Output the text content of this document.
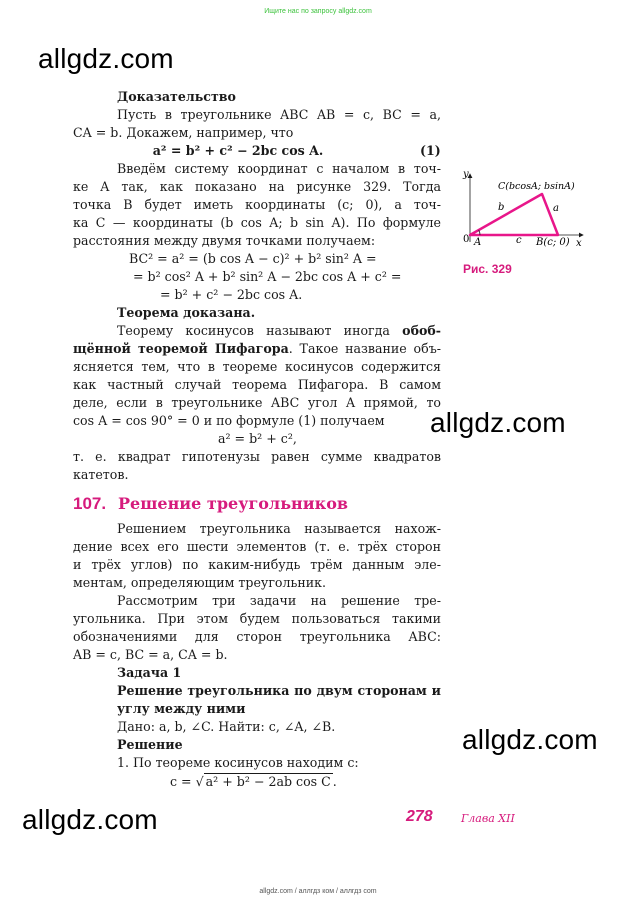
Ищите нас по запросу allgdz.com
allgdz.com
allgdz.com
allgdz.com
allgdz.com
Доказательство
Пусть в треугольнике ABC AB = c, BC = a,
CA = b. Докажем, например, что
a² = b² + c² − 2bc cos A.	(1)
Введём систему координат с началом в точ-
ке A так, как показано на рисунке 329. Тогда
точка B будет иметь координаты (c; 0), а точ-
ка C — координаты (b cos A; b sin A). По формуле
расстояния между двумя точками получаем:
BC² = a² = (b cos A − c)² + b² sin² A =
= b² cos² A + b² sin² A − 2bc cos A + c² =
= b² + c² − 2bc cos A.
Теорема доказана.
Теорему косинусов называют иногда обоб-
щённой теоремой Пифагора. Такое название объ-
ясняется тем, что в теореме косинусов содержится
как частный случай теорема Пифагора. В самом
деле, если в треугольнике ABC угол A прямой, то
cos A = cos 90° = 0 и по формуле (1) получаем
a² = b² + c²,
т. е. квадрат гипотенузы равен сумме квадратов
катетов.
107. Решение треугольников
Решением треугольника называется нахож-
дение всех его шести элементов (т. е. трёх сторон
и трёх углов) по каким-нибудь трём данным эле-
ментам, определяющим треугольник.
Рассмотрим три задачи на решение тре-
угольника. При этом будем пользоваться такими
обозначениями для сторон треугольника ABC:
AB = c, BC = a, CA = b.
Задача 1
Решение треугольника по двум сторонам и
углу между ними
Дано: a, b, ∠C. Найти: c, ∠A, ∠B.
Решение
1. По теореме косинусов находим c:
c = √ a² + b² − 2ab cos C .
y
x
0 A	B(c; 0)
C(bcosA; bsinA)
a
b
c
Рис. 329
278	Глава XII
allgdz.com / аллгдз ком / аллгдз com
